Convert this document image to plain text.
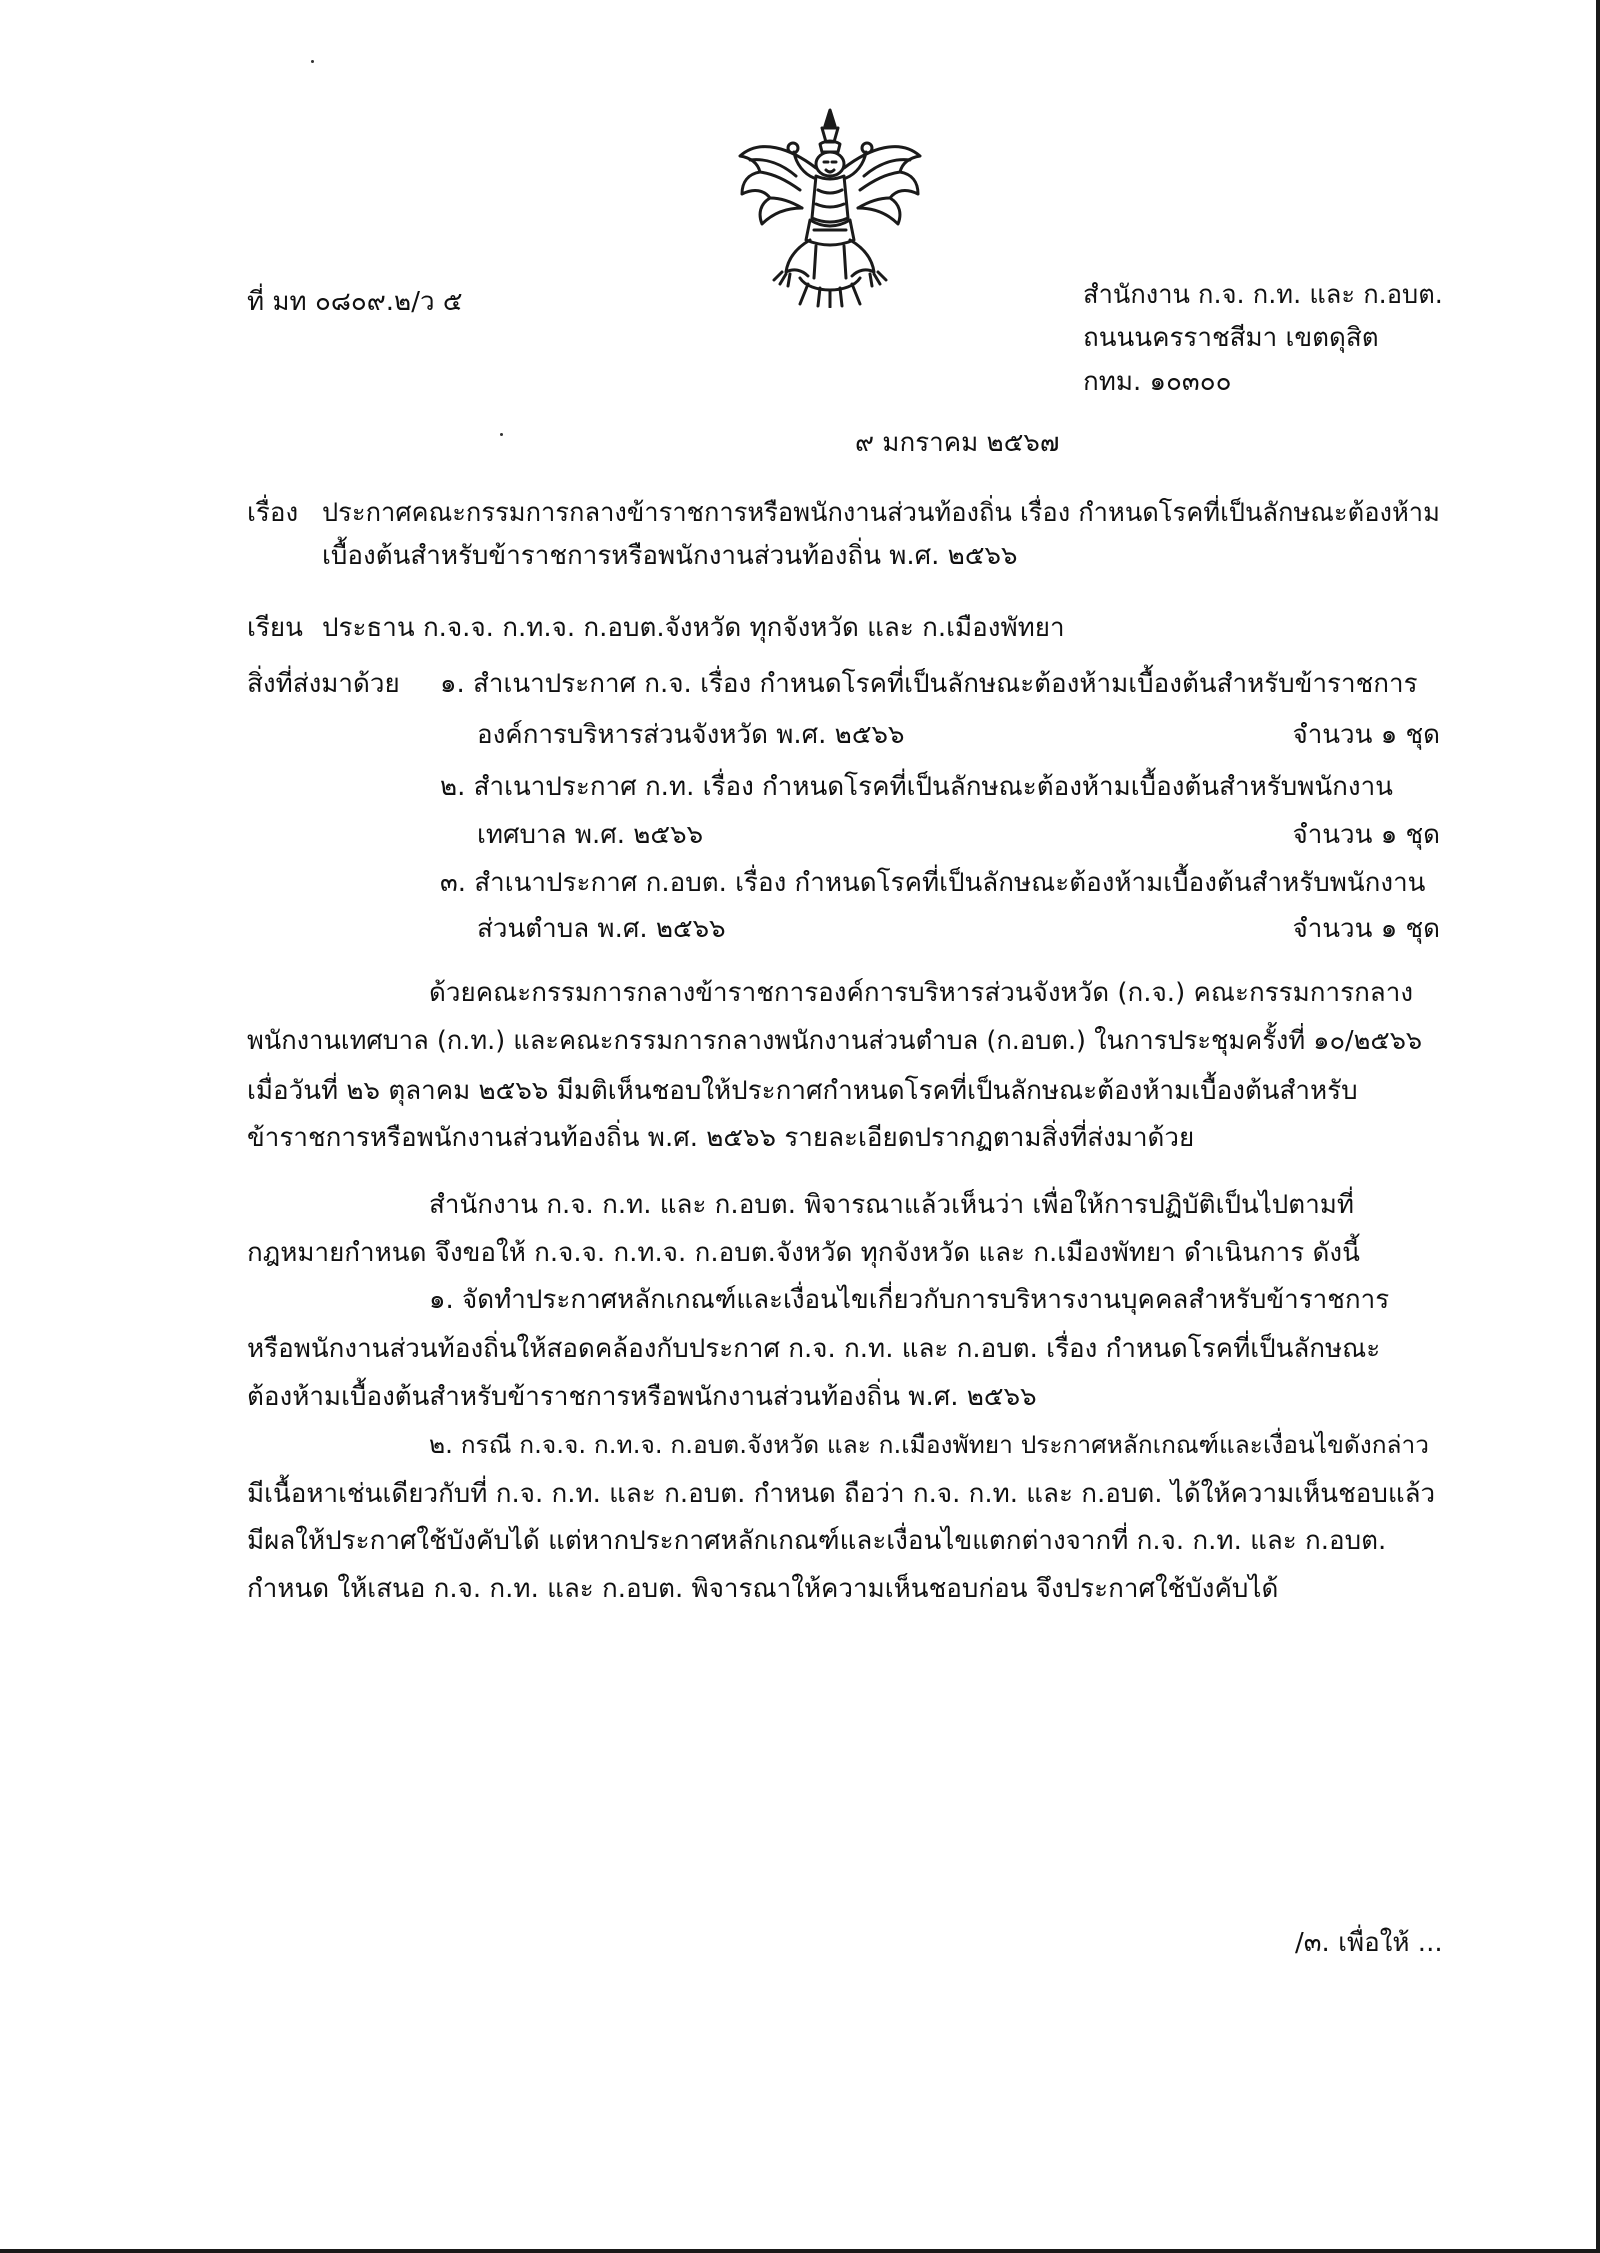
ที่ มท ๐๘๐๙.๒/ว ๕	สำนักงาน ก.จ. ก.ท. และ ก.อบต.
ถนนนครราชสีมา เขตดุสิต
กทม. ๑๐๓๐๐
๙ มกราคม ๒๕๖๗
เรื่อง ประกาศคณะกรรมการกลางข้าราชการหรือพนักงานส่วนท้องถิ่น เรื่อง กำหนดโรคที่เป็นลักษณะต้องห้าม
เบื้องต้นสำหรับข้าราชการหรือพนักงานส่วนท้องถิ่น พ.ศ. ๒๕๖๖
เรียน ประธาน ก.จ.จ. ก.ท.จ. ก.อบต.จังหวัด ทุกจังหวัด และ ก.เมืองพัทยา
สิ่งที่ส่งมาด้วย ๑. สำเนาประกาศ ก.จ. เรื่อง กำหนดโรคที่เป็นลักษณะต้องห้ามเบื้องต้นสำหรับข้าราชการ
องค์การบริหารส่วนจังหวัด พ.ศ. ๒๕๖๖	จำนวน ๑ ชุด
๒. สำเนาประกาศ ก.ท. เรื่อง กำหนดโรคที่เป็นลักษณะต้องห้ามเบื้องต้นสำหรับพนักงาน
เทศบาล พ.ศ. ๒๕๖๖	จำนวน ๑ ชุด
๓. สำเนาประกาศ ก.อบต. เรื่อง กำหนดโรคที่เป็นลักษณะต้องห้ามเบื้องต้นสำหรับพนักงาน
ส่วนตำบล พ.ศ. ๒๕๖๖	จำนวน ๑ ชุด
ด้วยคณะกรรมการกลางข้าราชการองค์การบริหารส่วนจังหวัด (ก.จ.) คณะกรรมการกลาง
พนักงานเทศบาล (ก.ท.) และคณะกรรมการกลางพนักงานส่วนตำบล (ก.อบต.) ในการประชุมครั้งที่ ๑๐/๒๕๖๖
เมื่อวันที่ ๒๖ ตุลาคม ๒๕๖๖ มีมติเห็นชอบให้ประกาศกำหนดโรคที่เป็นลักษณะต้องห้ามเบื้องต้นสำหรับ
ข้าราชการหรือพนักงานส่วนท้องถิ่น พ.ศ. ๒๕๖๖ รายละเอียดปรากฏตามสิ่งที่ส่งมาด้วย
สำนักงาน ก.จ. ก.ท. และ ก.อบต. พิจารณาแล้วเห็นว่า เพื่อให้การปฏิบัติเป็นไปตามที่
กฎหมายกำหนด จึงขอให้ ก.จ.จ. ก.ท.จ. ก.อบต.จังหวัด ทุกจังหวัด และ ก.เมืองพัทยา ดำเนินการ ดังนี้
๑. จัดทำประกาศหลักเกณฑ์และเงื่อนไขเกี่ยวกับการบริหารงานบุคคลสำหรับข้าราชการ
หรือพนักงานส่วนท้องถิ่นให้สอดคล้องกับประกาศ ก.จ. ก.ท. และ ก.อบต. เรื่อง กำหนดโรคที่เป็นลักษณะ
ต้องห้ามเบื้องต้นสำหรับข้าราชการหรือพนักงานส่วนท้องถิ่น พ.ศ. ๒๕๖๖
๒. กรณี ก.จ.จ. ก.ท.จ. ก.อบต.จังหวัด และ ก.เมืองพัทยา ประกาศหลักเกณฑ์และเงื่อนไขดังกล่าว
มีเนื้อหาเช่นเดียวกับที่ ก.จ. ก.ท. และ ก.อบต. กำหนด ถือว่า ก.จ. ก.ท. และ ก.อบต. ได้ให้ความเห็นชอบแล้ว
มีผลให้ประกาศใช้บังคับได้ แต่หากประกาศหลักเกณฑ์และเงื่อนไขแตกต่างจากที่ ก.จ. ก.ท. และ ก.อบต.
กำหนด ให้เสนอ ก.จ. ก.ท. และ ก.อบต. พิจารณาให้ความเห็นชอบก่อน จึงประกาศใช้บังคับได้
/๓. เพื่อให้ ...
